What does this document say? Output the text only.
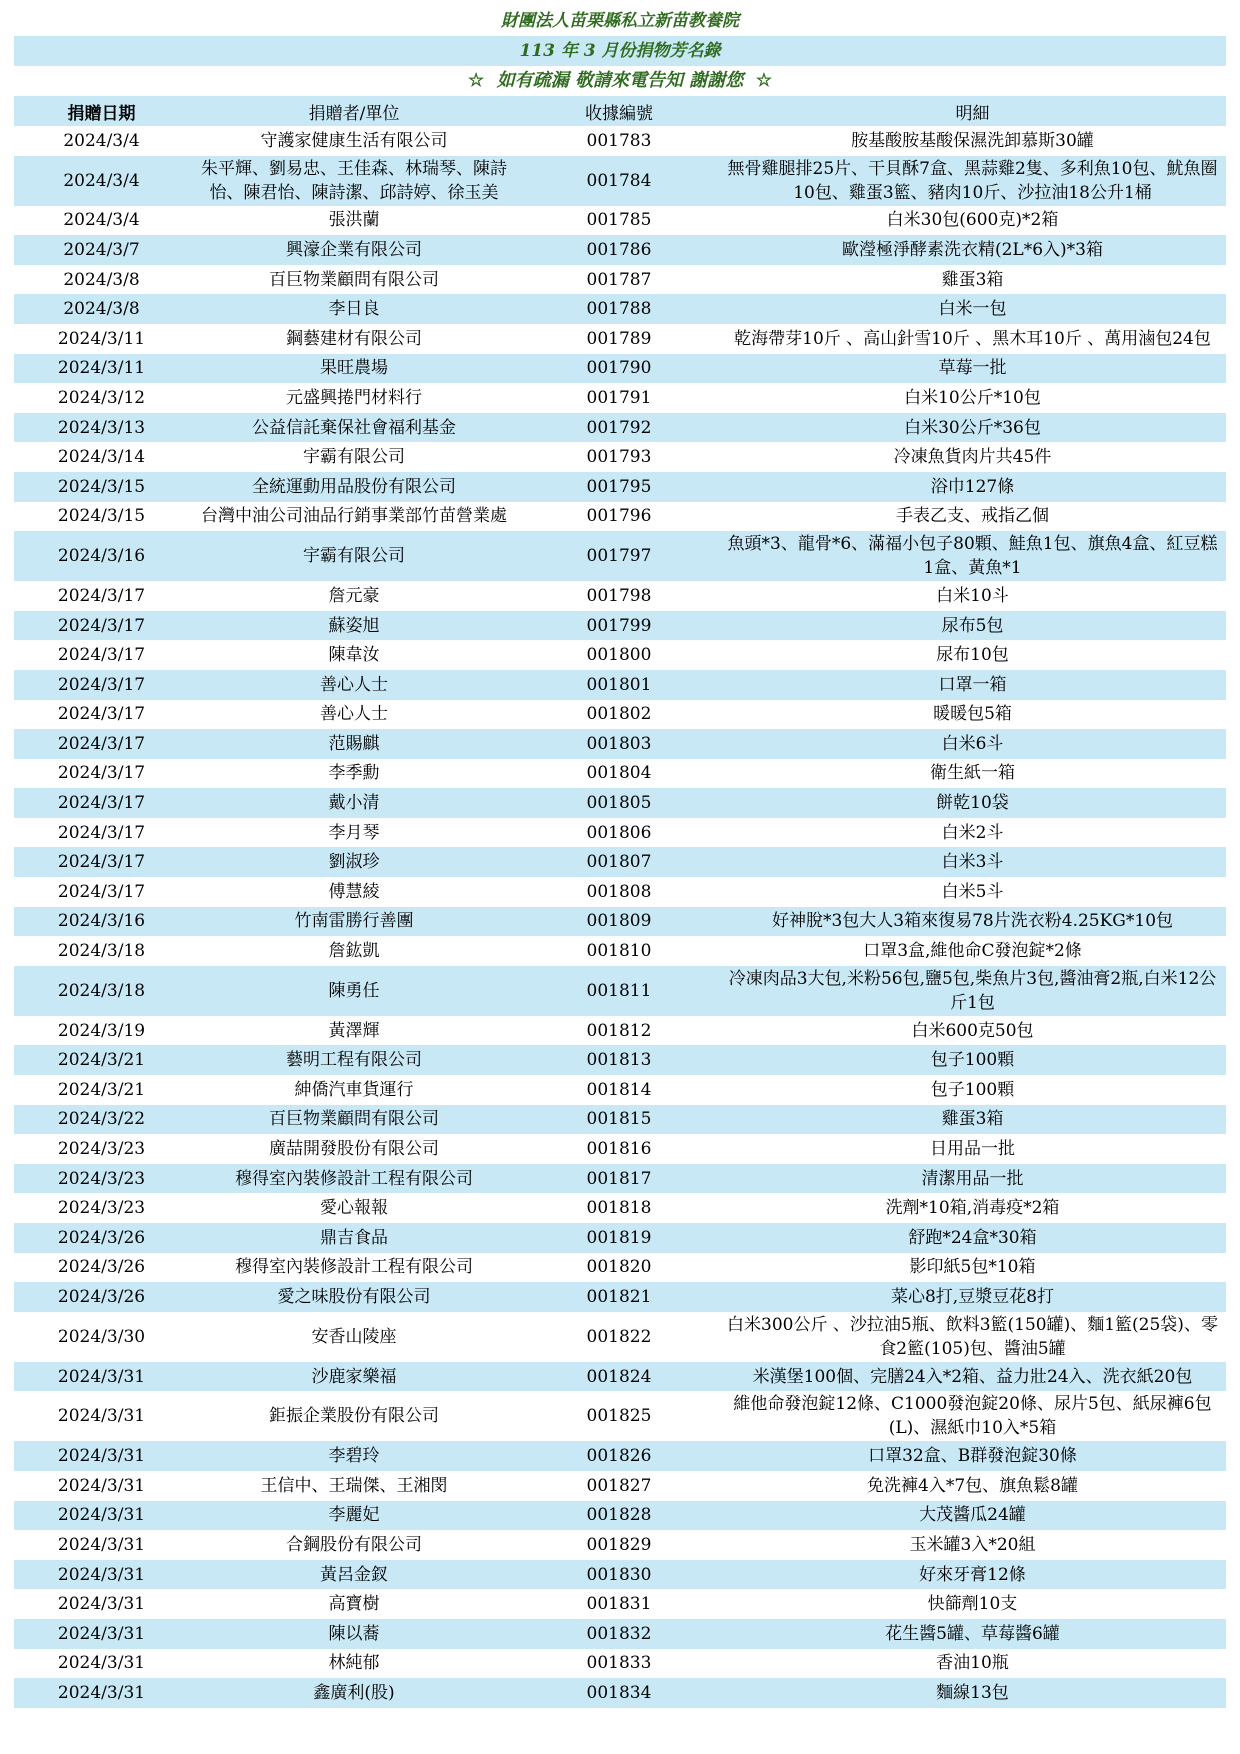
財團法人苗栗縣私立新苗教養院
113 年 3 月份捐物芳名錄
☆ 如有疏漏 敬請來電告知 謝謝您 ☆
捐贈日期	捐贈者/單位	收據編號	明細
2024/3/4	守護家健康生活有限公司	001783	胺基酸胺基酸保濕洗卸慕斯30罐
2024/3/4	朱平輝、劉易忠、王佳森、林瑞琴、陳詩怡、陳君怡、陳詩潔、邱詩婷、徐玉美	001784	無骨雞腿排25片、干貝酥7盒、黑蒜雞2隻、多利魚10包、魷魚圈10包、雞蛋3籃、豬肉10斤、沙拉油18公升1桶
2024/3/4	張洪蘭	001785	白米30包(600克)*2箱
2024/3/7	興濠企業有限公司	001786	歐瀅極淨酵素洗衣精(2L*6入)*3箱
2024/3/8	百巨物業顧問有限公司	001787	雞蛋3箱
2024/3/8	李日良	001788	白米一包
2024/3/11	鋼藝建材有限公司	001789	乾海帶芽10斤 、高山針雪10斤 、黑木耳10斤 、萬用滷包24包
2024/3/11	果旺農場	001790	草莓一批
2024/3/12	元盛興捲門材料行	001791	白米10公斤*10包
2024/3/13	公益信託棄保社會福利基金	001792	白米30公斤*36包
2024/3/14	宇霸有限公司	001793	冷凍魚貨肉片共45件
2024/3/15	全統運動用品股份有限公司	001795	浴巾127條
2024/3/15	台灣中油公司油品行銷事業部竹苗營業處	001796	手表乙支、戒指乙個
2024/3/16	宇霸有限公司	001797	魚頭*3、龍骨*6、滿福小包子80顆、鮭魚1包、旗魚4盒、紅豆糕1盒、黃魚*1
2024/3/17	詹元豪	001798	白米10斗
2024/3/17	蘇姿旭	001799	尿布5包
2024/3/17	陳韋汝	001800	尿布10包
2024/3/17	善心人士	001801	口罩一箱
2024/3/17	善心人士	001802	暖暖包5箱
2024/3/17	范賜麒	001803	白米6斗
2024/3/17	李季勳	001804	衛生紙一箱
2024/3/17	戴小清	001805	餅乾10袋
2024/3/17	李月琴	001806	白米2斗
2024/3/17	劉淑珍	001807	白米3斗
2024/3/17	傅慧綾	001808	白米5斗
2024/3/16	竹南雷勝行善團	001809	好神脫*3包大人3箱來復易78片洗衣粉4.25KG*10包
2024/3/18	詹鈜凱	001810	口罩3盒,維他命C發泡錠*2條
2024/3/18	陳勇任	001811	冷凍肉品3大包,米粉56包,鹽5包,柴魚片3包,醬油膏2瓶,白米12公斤1包
2024/3/19	黃澤輝	001812	白米600克50包
2024/3/21	藝明工程有限公司	001813	包子100顆
2024/3/21	紳僑汽車貨運行	001814	包子100顆
2024/3/22	百巨物業顧問有限公司	001815	雞蛋3箱
2024/3/23	廣喆開發股份有限公司	001816	日用品一批
2024/3/23	穆得室內裝修設計工程有限公司	001817	清潔用品一批
2024/3/23	愛心報報	001818	洗劑*10箱,消毒疫*2箱
2024/3/26	鼎吉食品	001819	舒跑*24盒*30箱
2024/3/26	穆得室內裝修設計工程有限公司	001820	影印紙5包*10箱
2024/3/26	愛之味股份有限公司	001821	菜心8打,豆漿豆花8打
2024/3/30	安香山陵座	001822	白米300公斤 、沙拉油5瓶、飲料3籃(150罐)、麵1籃(25袋)、零食2籃(105)包、醬油5罐
2024/3/31	沙鹿家樂福	001824	米漢堡100個、完膳24入*2箱、益力壯24入、洗衣紙20包
2024/3/31	鉅振企業股份有限公司	001825	維他命發泡錠12條、C1000發泡錠20條、尿片5包、紙尿褲6包(L)、濕紙巾10入*5箱
2024/3/31	李碧玲	001826	口罩32盒、B群發泡錠30條
2024/3/31	王信中、王瑞傑、王湘閔	001827	免洗褲4入*7包、旗魚鬆8罐
2024/3/31	李麗妃	001828	大茂醬瓜24罐
2024/3/31	合鋼股份有限公司	001829	玉米罐3入*20組
2024/3/31	黃呂金釵	001830	好來牙膏12條
2024/3/31	高寶樹	001831	快篩劑10支
2024/3/31	陳以蕎	001832	花生醬5罐、草莓醬6罐
2024/3/31	林純郁	001833	香油10瓶
2024/3/31	鑫廣利(股)	001834	麵線13包
